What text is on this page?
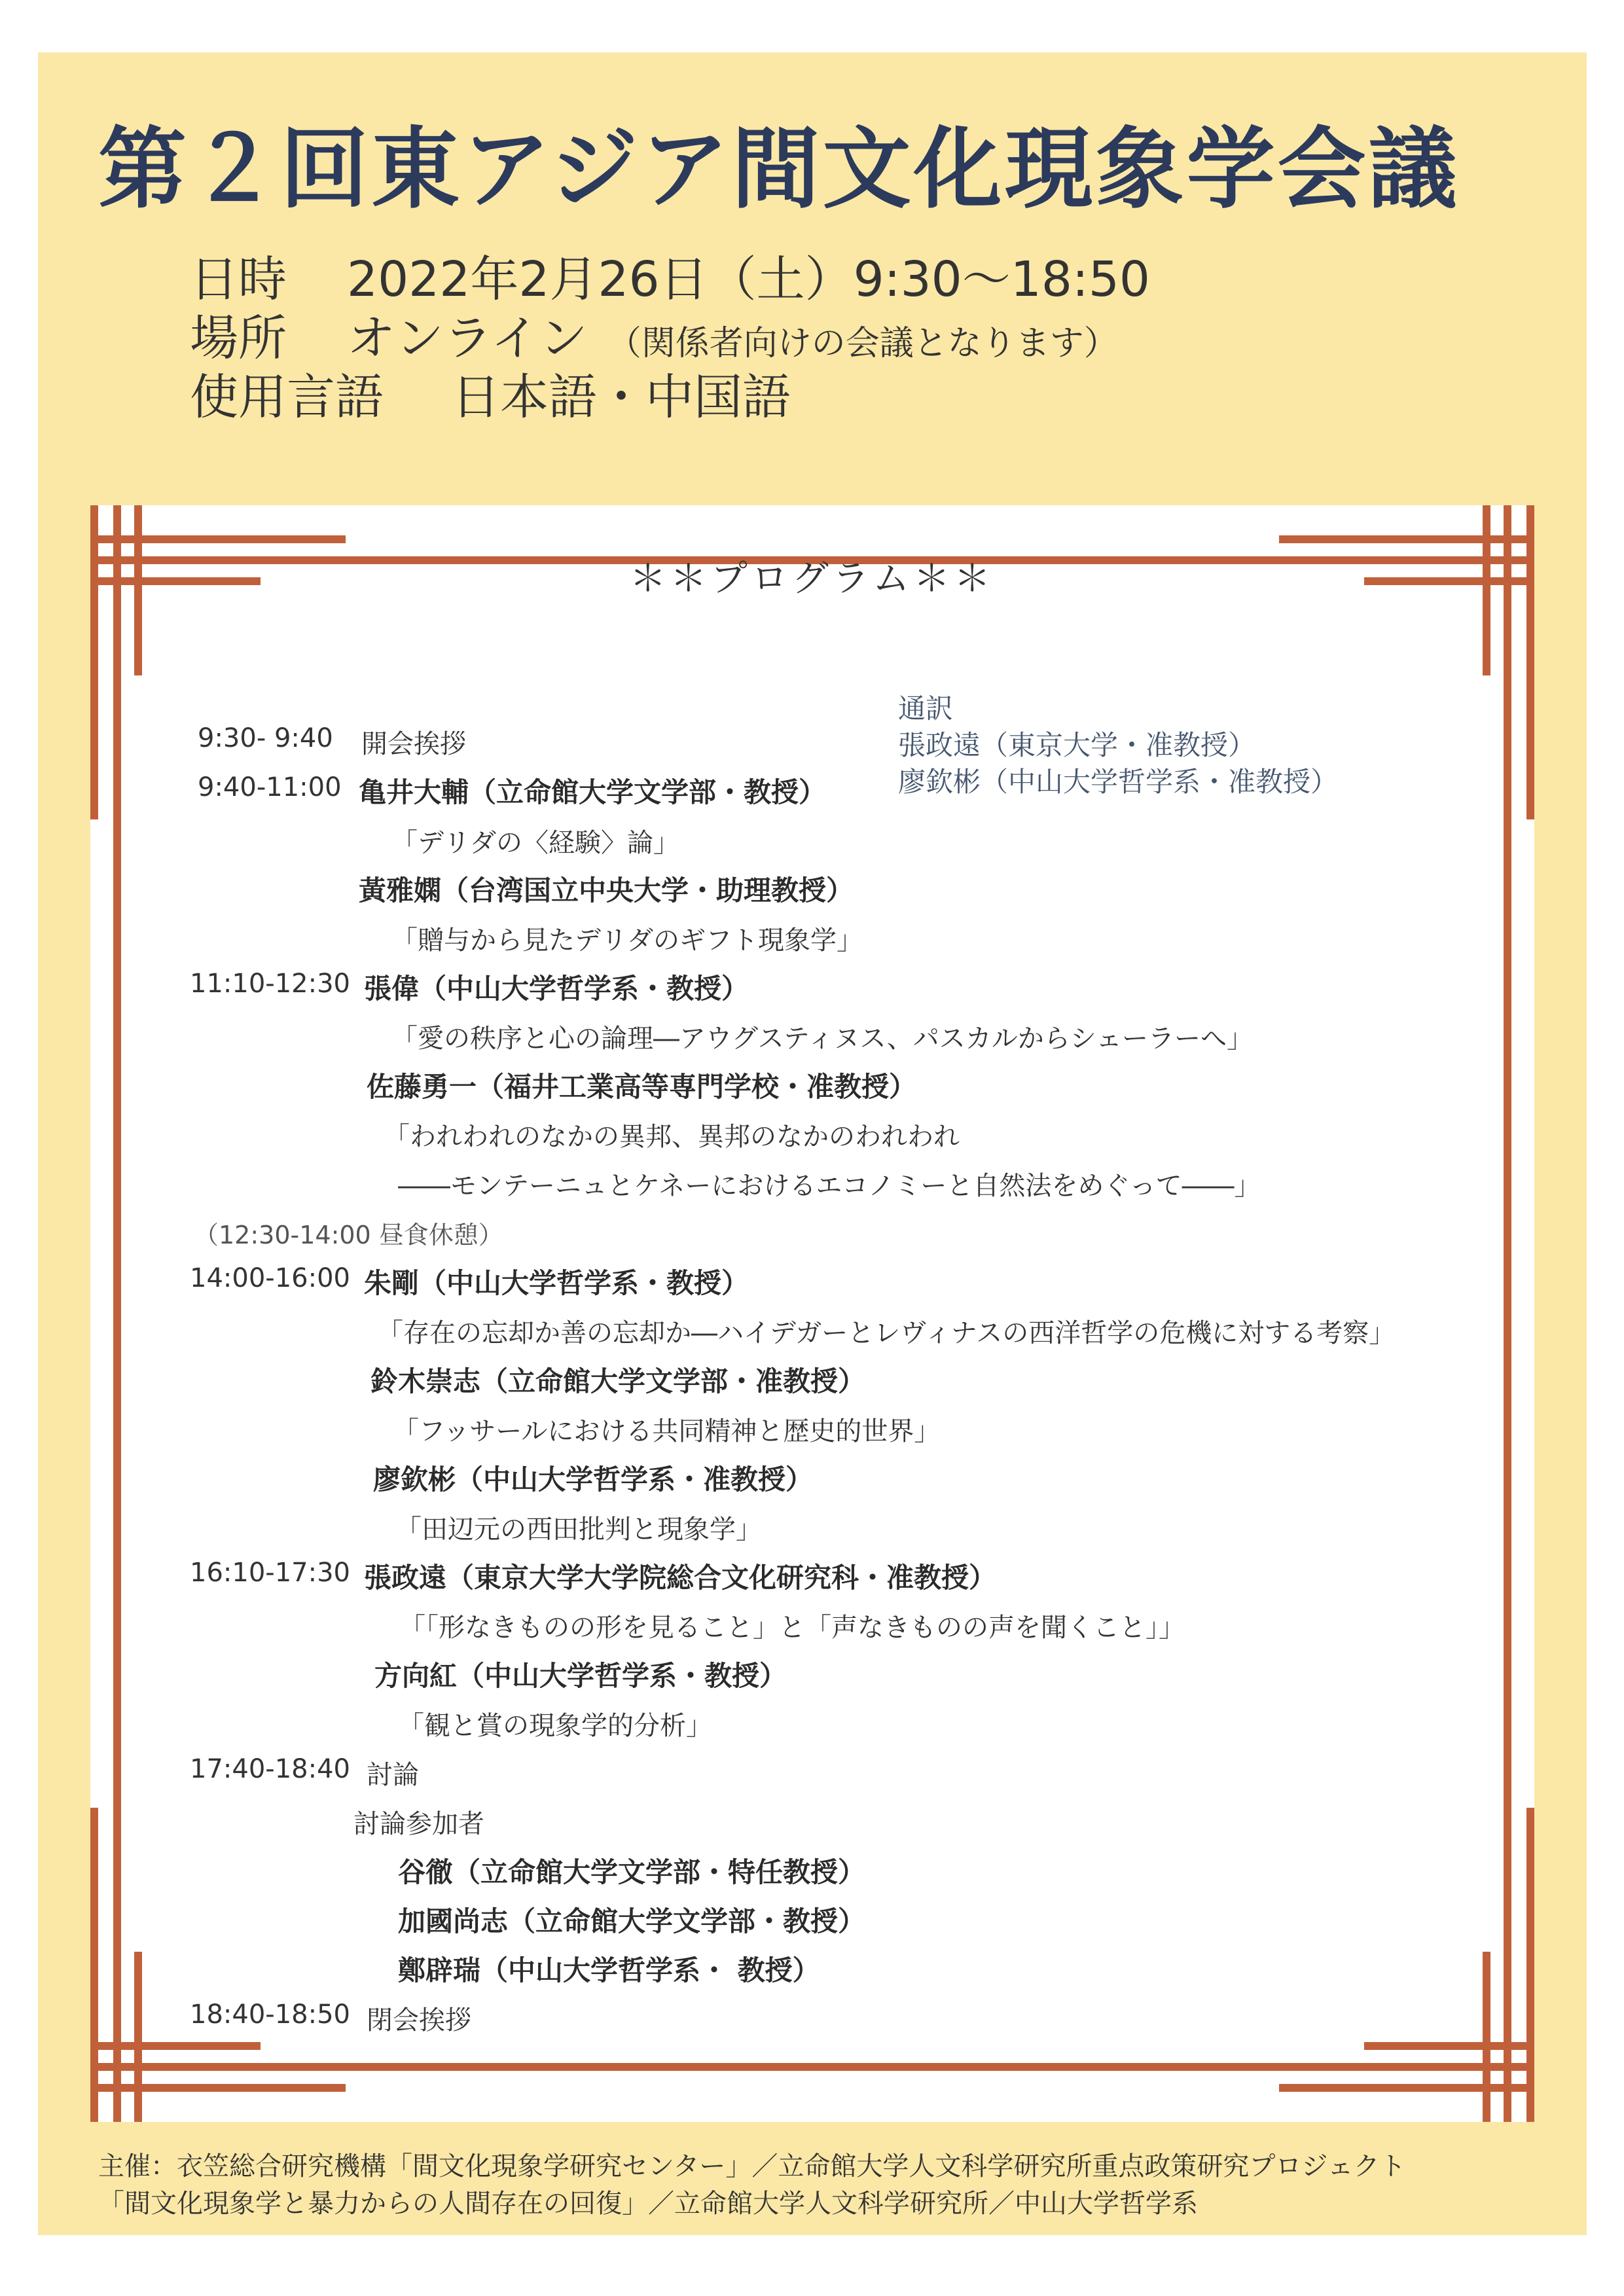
第２回東アジア間文化現象学会議
日時 2022年2月26日（土）9:30〜18:50
場所 オンライン （関係者向けの会議となります）
使用言語 日本語・中国語
＊＊プログラム＊＊
通訳
張政遠（東京大学・准教授）
廖欽彬（中山大学哲学系・准教授）
9:30- 9:40 開会挨拶
9:40-11:00 亀井大輔（立命館大学文学部・教授）
「デリダの〈経験〉論」
黃雅嫻（台湾国立中央大学・助理教授）
「贈与から見たデリダのギフト現象学」
11:10-12:30 張偉（中山大学哲学系・教授）
「愛の秩序と心の論理―アウグスティヌス、パスカルからシェーラーへ」
佐藤勇一（福井工業高等専門学校・准教授）
「われわれのなかの異邦、異邦のなかのわれわれ
――モンテーニュとケネーにおけるエコノミーと自然法をめぐって――」
（12:30-14:00 昼食休憩）
14:00-16:00 朱剛（中山大学哲学系・教授）
「存在の忘却か善の忘却か―ハイデガーとレヴィナスの西洋哲学の危機に対する考察」
鈴木崇志（立命館大学文学部・准教授）
「フッサールにおける共同精神と歴史的世界」
廖欽彬（中山大学哲学系・准教授）
「田辺元の西田批判と現象学」
16:10-17:30 張政遠（東京大学大学院総合文化研究科・准教授）
「「形なきものの形を見ること」と「声なきものの声を聞くこと」」
方向紅（中山大学哲学系・教授）
「観と賞の現象学的分析」
17:40-18:40 討論
討論参加者
谷徹（立命館大学文学部・特任教授）
加國尚志（立命館大学文学部・教授）
鄭辟瑞（中山大学哲学系・ 教授）
18:40-18:50 閉会挨拶
主催：衣笠総合研究機構「間文化現象学研究センター」／立命館大学人文科学研究所重点政策研究プロジェクト
「間文化現象学と暴力からの人間存在の回復」／立命館大学人文科学研究所／中山大学哲学系
